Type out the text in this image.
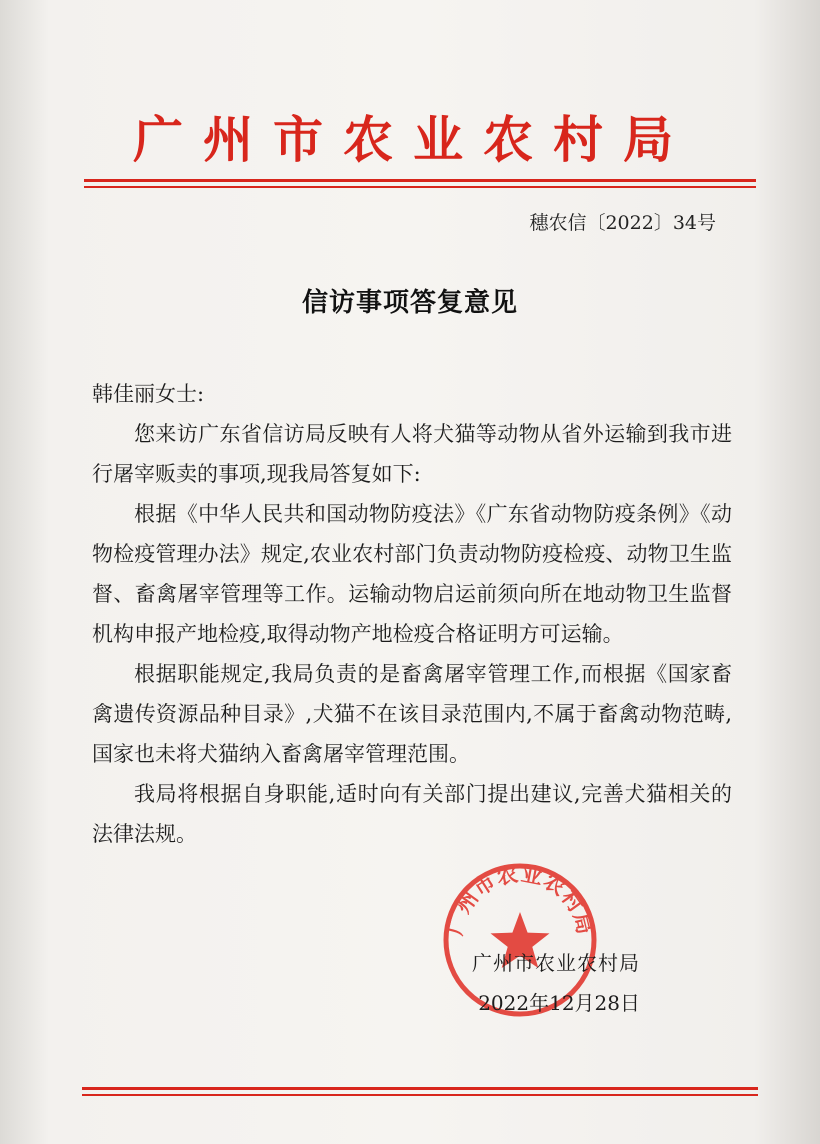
广州市农业农村局
穗农信〔2022〕34号
信访事项答复意见

韩佳丽女士:

您来访广东省信访局反映有人将犬猫等动物从省外运输到我市进行屠宰贩卖的事项,现我局答复如下:

根据《中华人民共和国动物防疫法》《广东省动物防疫条例》《动物检疫管理办法》规定,农业农村部门负责动物防疫检疫、动物卫生监督、畜禽屠宰管理等工作。运输动物启运前须向所在地动物卫生监督机构申报产地检疫,取得动物产地检疫合格证明方可运输。

根据职能规定,我局负责的是畜禽屠宰管理工作,而根据《国家畜禽遗传资源品种目录》,犬猫不在该目录范围内,不属于畜禽动物范畴,国家也未将犬猫纳入畜禽屠宰管理范围。

我局将根据自身职能,适时向有关部门提出建议,完善犬猫相关的法律法规。

广州市农业农村局
广州市农业农村局
2022年12月28日
